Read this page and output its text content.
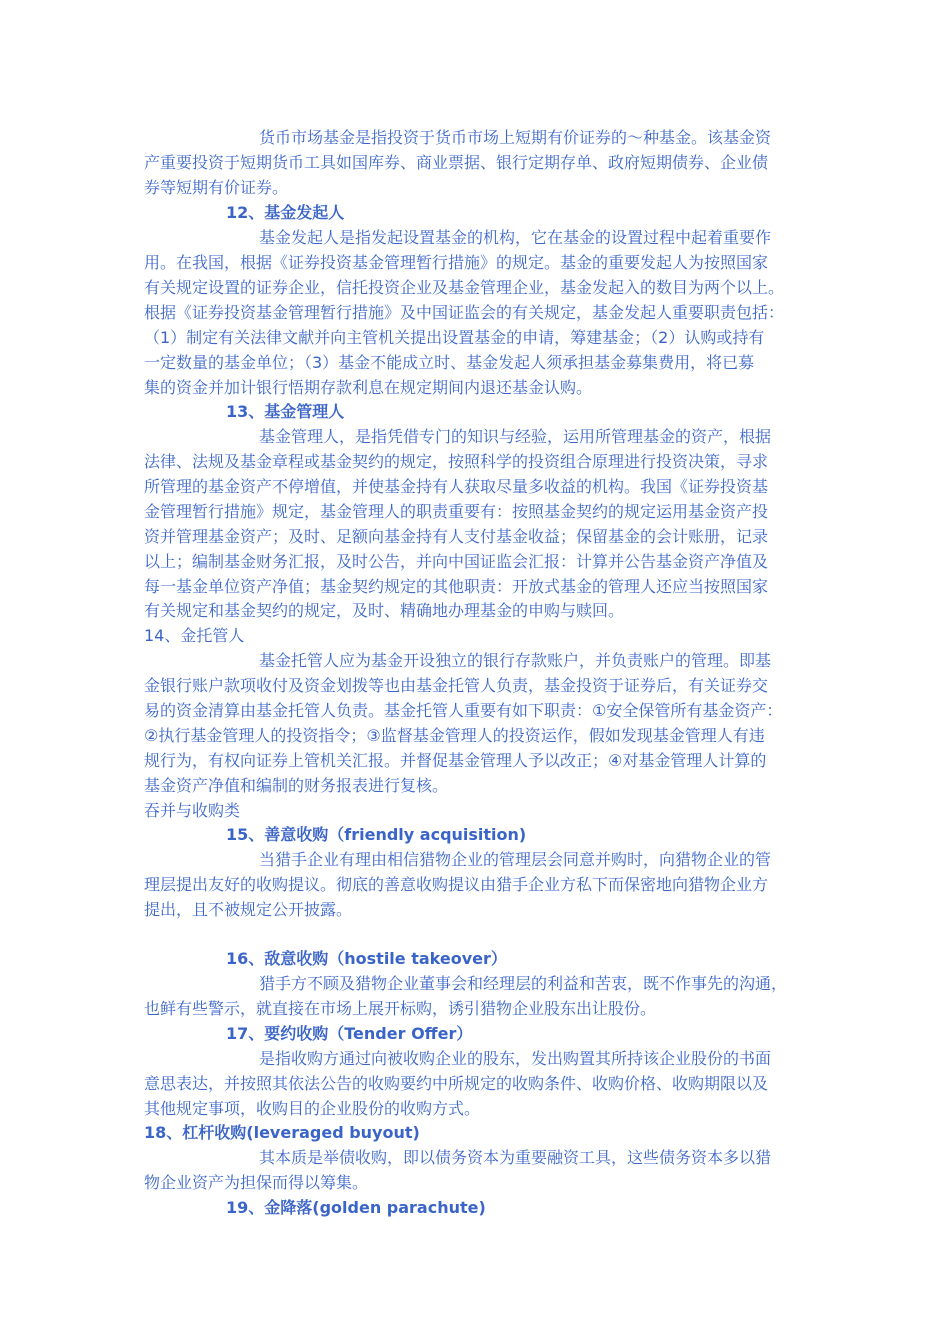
货币市场基金是指投资于货币市场上短期有价证券的～种基金。该基金资
产重要投资于短期货币工具如国库券、商业票据、银行定期存单、政府短期债券、企业债
券等短期有价证券。
12、基金发起人
基金发起人是指发起设置基金的机构，它在基金的设置过程中起着重要作
用。在我国，根据《证券投资基金管理暂行措施》的规定。基金的重要发起人为按照国家
有关规定设置的证券企业，信托投资企业及基金管理企业，基金发起入的数目为两个以上。
根据《证券投资基金管理暂行措施》及中国证监会的有关规定，基金发起人重要职责包括：
（1）制定有关法律文献并向主管机关提出设置基金的申请，筹建基金；（2）认购或持有
一定数量的基金单位；（3）基金不能成立时、基金发起人须承担基金募集费用，将已募
集的资金并加计银行悟期存款利息在规定期间内退还基金认购。
13、基金管理人
基金管理人，是指凭借专门的知识与经验，运用所管理基金的资产，根据
法律、法规及基金章程或基金契约的规定，按照科学的投资组合原理进行投资决策，寻求
所管理的基金资产不停增值，并使基金持有人获取尽量多收益的机构。我国《证券投资基
金管理暂行措施》规定，基金管理人的职责重要有：按照基金契约的规定运用基金资产投
资并管理基金资产；及时、足额向基金持有人支付基金收益；保留基金的会计账册，记录
以上；编制基金财务汇报，及时公告，并向中国证监会汇报：计算并公告基金资产净值及
每一基金单位资产净值；基金契约规定的其他职责：开放式基金的管理人还应当按照国家
有关规定和基金契约的规定，及时、精确地办理基金的申购与赎回。
14、金托管人
基金托管人应为基金开设独立的银行存款账户，并负责账户的管理。即基
金银行账户款项收付及资金划拨等也由基金托管人负责，基金投资于证券后，有关证券交
易的资金清算由基金托管人负责。基金托管人重要有如下职责：①安全保管所有基金资产：
②执行基金管理人的投资指令；③监督基金管理人的投资运作，假如发现基金管理人有违
规行为，有权向证券上管机关汇报。并督促基金管理人予以改正；④对基金管理人计算的
基金资产净值和编制的财务报表进行复核。
吞并与收购类
15、善意收购（friendly acquisition)
当猎手企业有理由相信猎物企业的管理层会同意并购时，向猎物企业的管
理层提出友好的收购提议。彻底的善意收购提议由猎手企业方私下而保密地向猎物企业方
提出，且不被规定公开披露。
16、敌意收购（hostile takeover）
猎手方不顾及猎物企业董事会和经理层的利益和苦衷，既不作事先的沟通，
也鲜有些警示，就直接在市场上展开标购，诱引猎物企业股东出让股份。
17、要约收购（Tender Offer）
是指收购方通过向被收购企业的股东，发出购置其所持该企业股份的书面
意思表达，并按照其依法公告的收购要约中所规定的收购条件、收购价格、收购期限以及
其他规定事项，收购目的企业股份的收购方式。
18、杠杆收购(leveraged buyout)
其本质是举债收购，即以债务资本为重要融资工具，这些债务资本多以猎
物企业资产为担保而得以筹集。
19、金降落(golden parachute)
